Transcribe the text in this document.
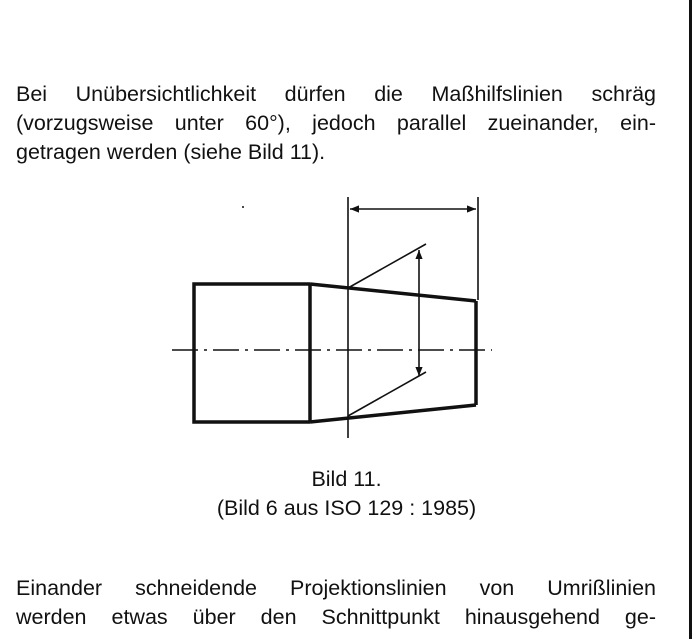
Bei Unübersichtlichkeit dürfen die Maßhilfslinien schräg
(vorzugsweise unter 60°), jedoch parallel zueinander, ein-
getragen werden (siehe Bild 11).
Bild 11.
(Bild 6 aus ISO 129 : 1985)
Einander schneidende Projektionslinien von Umrißlinien
werden etwas über den Schnittpunkt hinausgehend ge-
